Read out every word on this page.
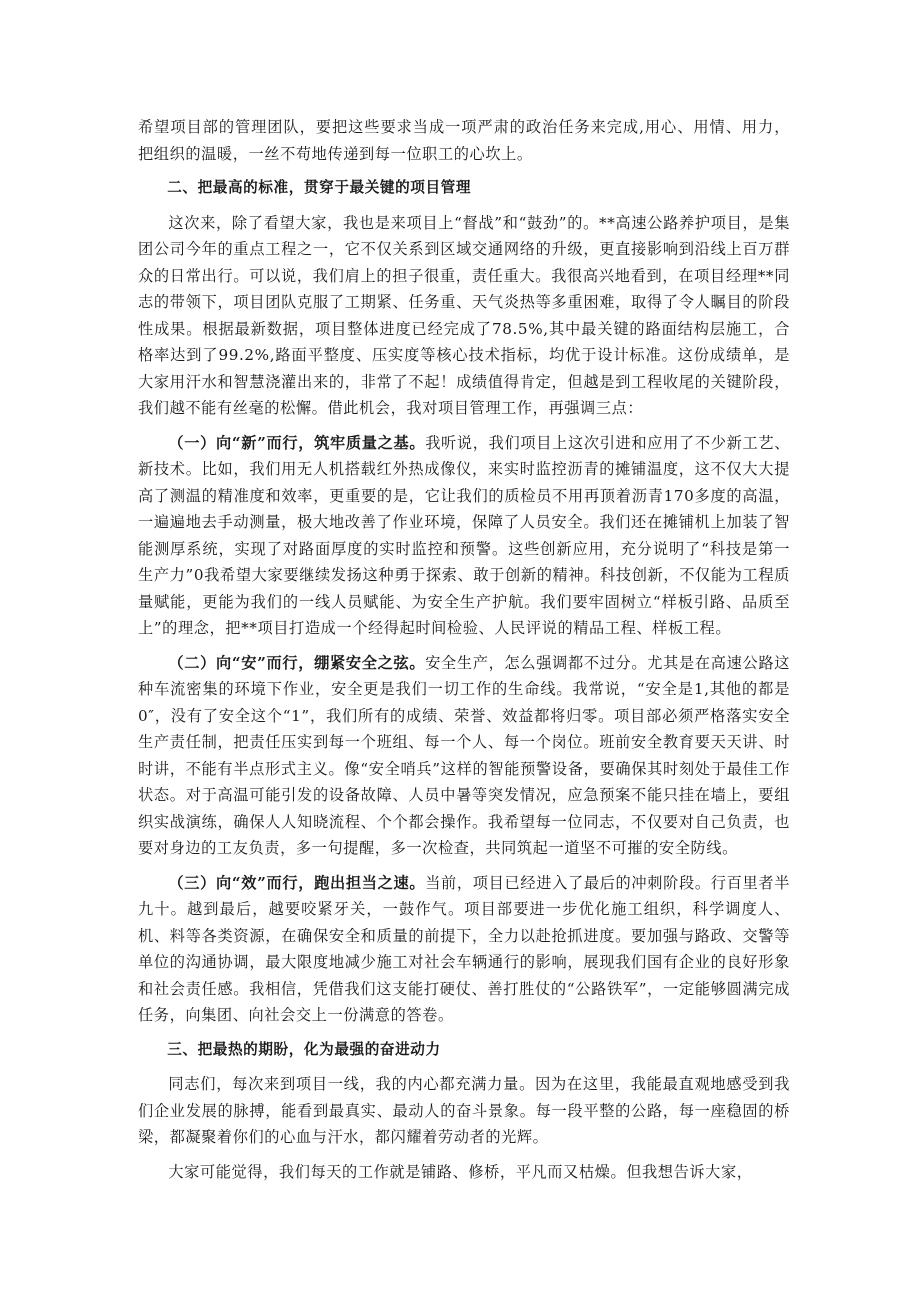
希望项目部的管理团队，要把这些要求当成一项严肃的政治任务来完成,用心、用情、用力，把组织的温暖，一丝不苟地传递到每一位职工的心坎上。

二、把最高的标准，贯穿于最关键的项目管理

这次来，除了看望大家，我也是来项目上“督战”和“鼓劲”的。**高速公路养护项目，是集团公司今年的重点工程之一，它不仅关系到区域交通网络的升级，更直接影响到沿线上百万群众的日常出行。可以说，我们肩上的担子很重，责任重大。我很高兴地看到，在项目经理**同志的带领下，项目团队克服了工期紧、任务重、天气炎热等多重困难，取得了令人瞩目的阶段性成果。根据最新数据，项目整体进度已经完成了78.5%,其中最关键的路面结构层施工，合格率达到了99.2%,路面平整度、压实度等核心技术指标，均优于设计标准。这份成绩单，是大家用汗水和智慧浇灌出来的，非常了不起！成绩值得肯定，但越是到工程收尾的关键阶段，我们越不能有丝毫的松懈。借此机会，我对项目管理工作，再强调三点：

（一）向“新”而行，筑牢质量之基。我听说，我们项目上这次引进和应用了不少新工艺、新技术。比如，我们用无人机搭载红外热成像仪，来实时监控沥青的摊铺温度，这不仅大大提高了测温的精准度和效率，更重要的是，它让我们的质检员不用再顶着沥青170多度的高温，一遍遍地去手动测量，极大地改善了作业环境，保障了人员安全。我们还在摊铺机上加装了智能测厚系统，实现了对路面厚度的实时监控和预警。这些创新应用，充分说明了“科技是第一生产力”0我希望大家要继续发扬这种勇于探索、敢于创新的精神。科技创新，不仅能为工程质量赋能，更能为我们的一线人员赋能、为安全生产护航。我们要牢固树立“样板引路、品质至上”的理念，把**项目打造成一个经得起时间检验、人民评说的精品工程、样板工程。

（二）向“安”而行，绷紧安全之弦。安全生产，怎么强调都不过分。尤其是在高速公路这种车流密集的环境下作业，安全更是我们一切工作的生命线。我常说，“安全是1,其他的都是0″，没有了安全这个“1”，我们所有的成绩、荣誉、效益都将归零。项目部必须严格落实安全生产责任制，把责任压实到每一个班组、每一个人、每一个岗位。班前安全教育要天天讲、时时讲，不能有半点形式主义。像“安全哨兵”这样的智能预警设备，要确保其时刻处于最佳工作状态。对于高温可能引发的设备故障、人员中暑等突发情况，应急预案不能只挂在墙上，要组织实战演练，确保人人知晓流程、个个都会操作。我希望每一位同志，不仅要对自己负责，也要对身边的工友负责，多一句提醒，多一次检查，共同筑起一道坚不可摧的安全防线。

（三）向“效”而行，跑出担当之速。当前，项目已经进入了最后的冲刺阶段。行百里者半九十。越到最后，越要咬紧牙关，一鼓作气。项目部要进一步优化施工组织，科学调度人、机、料等各类资源，在确保安全和质量的前提下，全力以赴抢抓进度。要加强与路政、交警等单位的沟通协调，最大限度地减少施工对社会车辆通行的影响，展现我们国有企业的良好形象和社会责任感。我相信，凭借我们这支能打硬仗、善打胜仗的“公路铁军”，一定能够圆满完成任务，向集团、向社会交上一份满意的答卷。

三、把最热的期盼，化为最强的奋进动力

同志们，每次来到项目一线，我的内心都充满力量。因为在这里，我能最直观地感受到我们企业发展的脉搏，能看到最真实、最动人的奋斗景象。每一段平整的公路，每一座稳固的桥梁，都凝聚着你们的心血与汗水，都闪耀着劳动者的光辉。

大家可能觉得，我们每天的工作就是铺路、修桥，平凡而又枯燥。但我想告诉大家，
